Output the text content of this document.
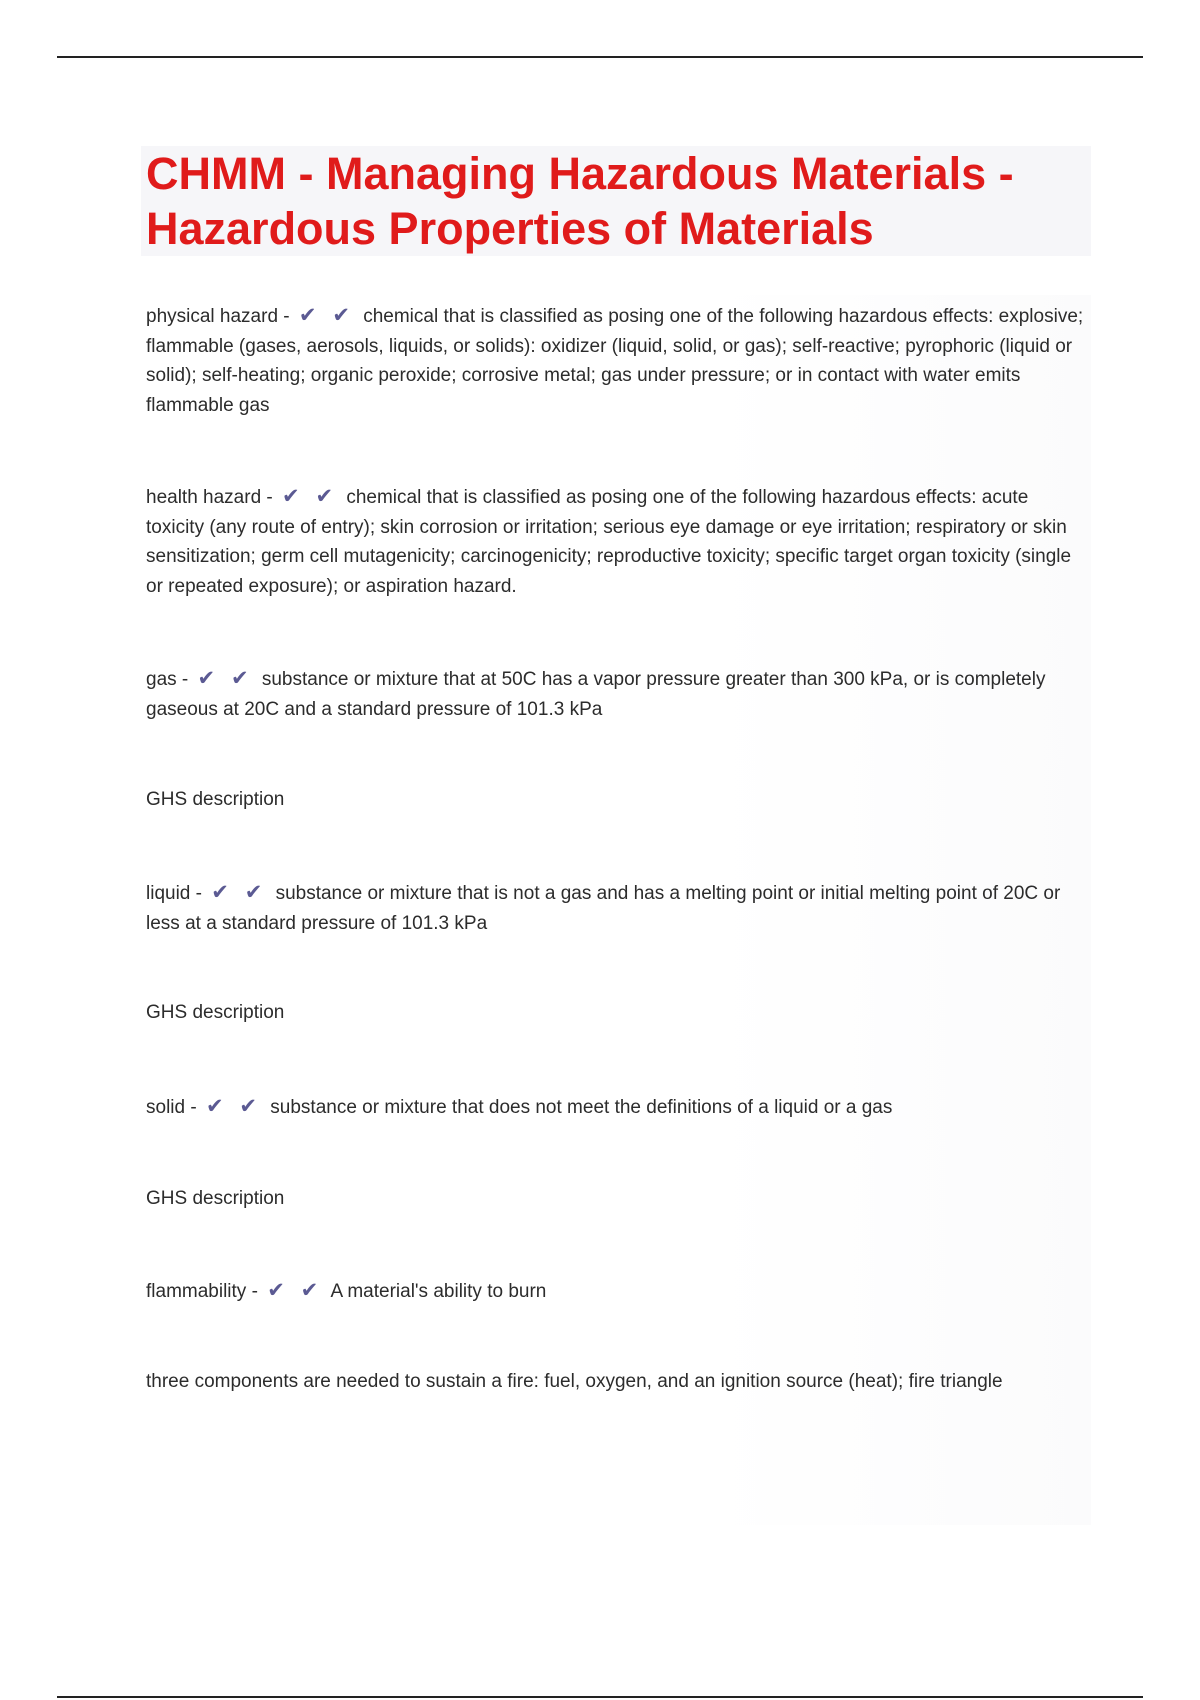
CHMM - Managing Hazardous Materials - Hazardous Properties of Materials

physical hazard - ✔ ✔ chemical that is classified as posing one of the following hazardous effects: explosive; flammable (gases, aerosols, liquids, or solids): oxidizer (liquid, solid, or gas); self-reactive; pyrophoric (liquid or solid); self-heating; organic peroxide; corrosive metal; gas under pressure; or in contact with water emits flammable gas

health hazard - ✔ ✔ chemical that is classified as posing one of the following hazardous effects: acute toxicity (any route of entry); skin corrosion or irritation; serious eye damage or eye irritation; respiratory or skin sensitization; germ cell mutagenicity; carcinogenicity; reproductive toxicity; specific target organ toxicity (single or repeated exposure); or aspiration hazard.

gas - ✔ ✔ substance or mixture that at 50C has a vapor pressure greater than 300 kPa, or is completely gaseous at 20C and a standard pressure of 101.3 kPa

GHS description

liquid - ✔ ✔ substance or mixture that is not a gas and has a melting point or initial melting point of 20C or less at a standard pressure of 101.3 kPa

GHS description

solid - ✔ ✔ substance or mixture that does not meet the definitions of a liquid or a gas

GHS description

flammability - ✔ ✔ A material's ability to burn

three components are needed to sustain a fire: fuel, oxygen, and an ignition source (heat); fire triangle
